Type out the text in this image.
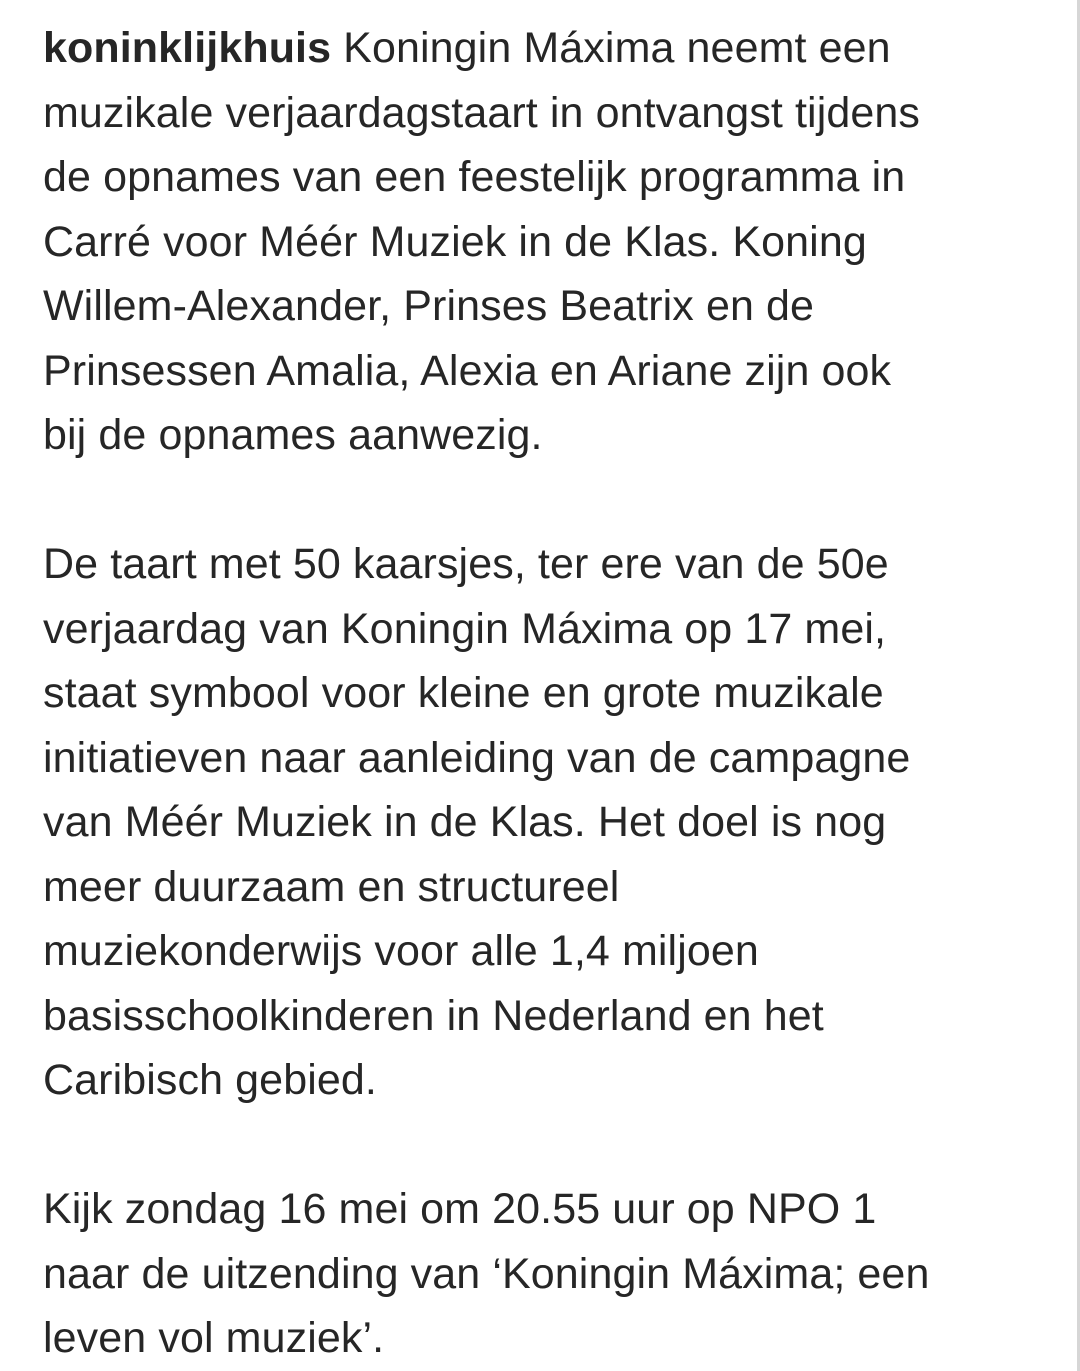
koninklijkhuis Koningin Máxima neemt een
muzikale verjaardagstaart in ontvangst tijdens
de opnames van een feestelijk programma in
Carré voor Méér Muziek in de Klas. Koning
Willem-Alexander, Prinses Beatrix en de
Prinsessen Amalia, Alexia en Ariane zijn ook
bij de opnames aanwezig.

De taart met 50 kaarsjes, ter ere van de 50e
verjaardag van Koningin Máxima op 17 mei,
staat symbool voor kleine en grote muzikale
initiatieven naar aanleiding van de campagne
van Méér Muziek in de Klas. Het doel is nog
meer duurzaam en structureel
muziekonderwijs voor alle 1,4 miljoen
basisschoolkinderen in Nederland en het
Caribisch gebied.

Kijk zondag 16 mei om 20.55 uur op NPO 1
naar de uitzending van ‘Koningin Máxima; een
leven vol muziek’.
